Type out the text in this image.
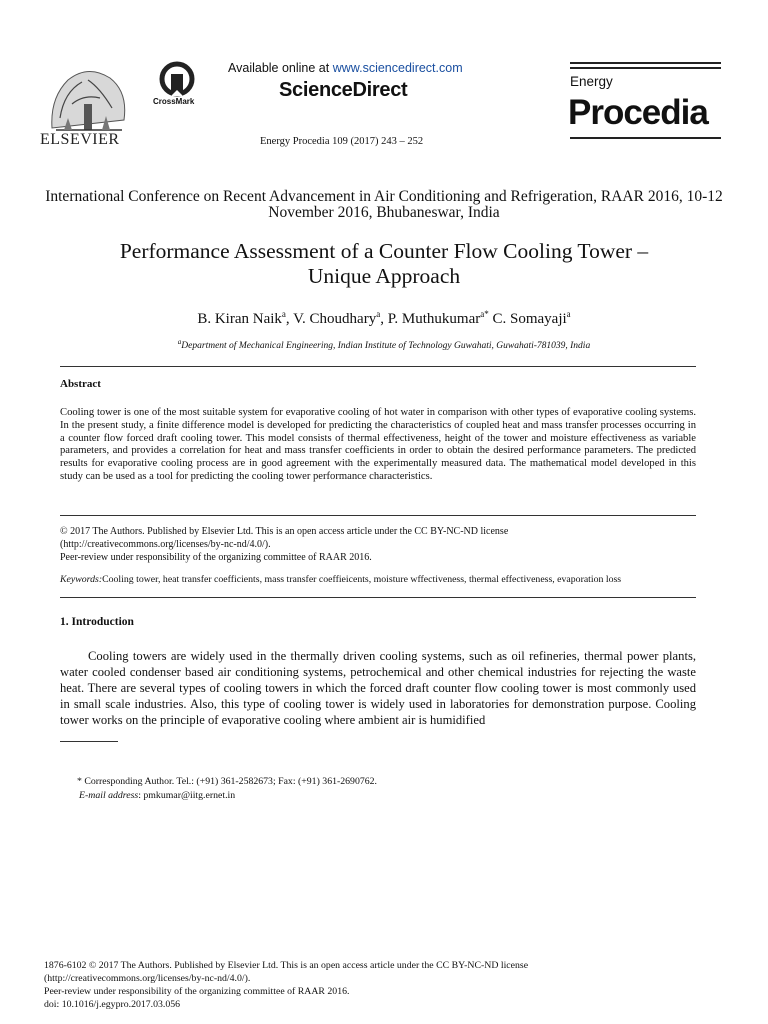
ELSEVIER
CrossMark
Available online at www.sciencedirect.com
ScienceDirect
Energy Procedia 109 (2017) 243 – 252
Energy
Procedia
International Conference on Recent Advancement in Air Conditioning and Refrigeration, RAAR 2016, 10-12 November 2016, Bhubaneswar, India
Performance Assessment of a Counter Flow Cooling Tower –
Unique Approach
B. Kiran Naik$^a$, V. Choudhary$^a$, P. Muthukumar$^{a*}$ C. Somayaji$^a$
$^a$Department of Mechanical Engineering, Indian Institute of Technology Guwahati, Guwahati-781039, India
Abstract
Cooling tower is one of the most suitable system for evaporative cooling of hot water in comparison with other types of evaporative cooling systems. In the present study, a finite difference model is developed for predicting the characteristics of coupled heat and mass transfer processes occurring in a counter flow forced draft cooling tower. This model consists of thermal effectiveness, height of the tower and moisture effectiveness as variable parameters, and provides a correlation for heat and mass transfer coefficients in order to obtain the desired performance parameters. The predicted results for evaporative cooling process are in good agreement with the experimentally measured data. The mathematical model developed in this study can be used as a tool for predicting the cooling tower performance characteristics.
© 2017 The Authors. Published by Elsevier Ltd. This is an open access article under the CC BY-NC-ND license
(http://creativecommons.org/licenses/by-nc-nd/4.0/).
Peer-review under responsibility of the organizing committee of RAAR 2016.
Keywords:Cooling tower, heat transfer coefficients, mass transfer coeffieicents, moisture wffectiveness, thermal effectiveness, evaporation loss
1. Introduction
Cooling towers are widely used in the thermally driven cooling systems, such as oil refineries, thermal power plants, water cooled condenser based air conditioning systems, petrochemical and other chemical industries for rejecting the waste heat. There are several types of cooling towers in which the forced draft counter flow cooling tower is most commonly used in small scale industries. Also, this type of cooling tower is widely used in laboratories for demonstration purpose. Cooling tower works on the principle of evaporative cooling where ambient air is humidified
* Corresponding Author. Tel.: (+91) 361-2582673; Fax: (+91) 361-2690762.
E-mail address: pmkumar@iitg.ernet.in
1876-6102 © 2017 The Authors. Published by Elsevier Ltd. This is an open access article under the CC BY-NC-ND license
(http://creativecommons.org/licenses/by-nc-nd/4.0/).
Peer-review under responsibility of the organizing committee of RAAR 2016.
doi: 10.1016/j.egypro.2017.03.056
